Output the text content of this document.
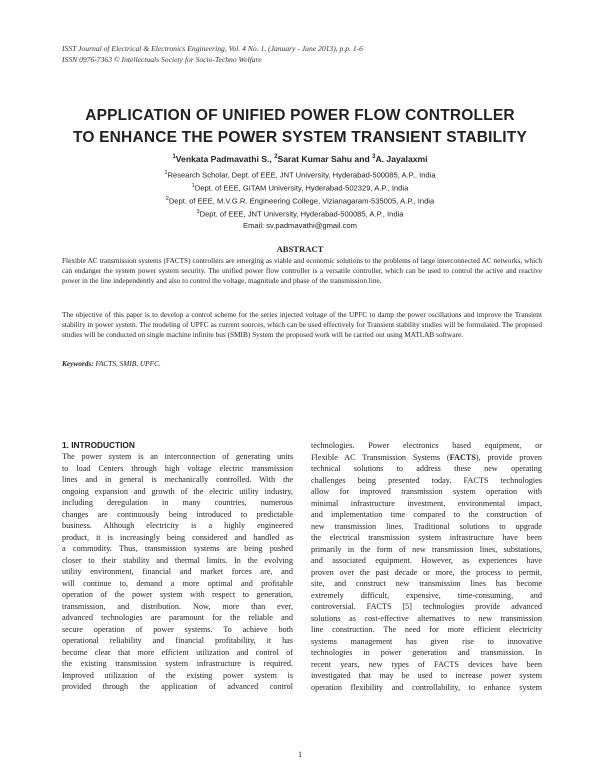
ISST Journal of Electrical & Electronics Engineering, Vol. 4 No. 1, (January - June 2013), p.p. 1-6
ISSN 0976-7363 © Intellectuals Society for Socio-Techno Welfare
APPLICATION OF UNIFIED POWER FLOW CONTROLLER
TO ENHANCE THE POWER SYSTEM TRANSIENT STABILITY
$^1$Venkata Padmavathi S., $^2$Sarat Kumar Sahu and $^3$A. Jayalaxmi
$^1$Research Scholar, Dept. of EEE, JNT University, Hyderabad-500085, A.P., India
$^1$Dept. of EEE, GITAM University, Hyderabad-502329, A.P., India
$^2$Dept. of EEE, M.V.G.R. Engineering College, Vizianagaram-535005, A.P., India
$^3$Dept. of EEE, JNT University, Hyderabad-500085, A.P., India
Email: sv.padmavathi@gmail.com
ABSTRACT
Flexible AC transmission systems (FACTS) controllers are emerging as viable and economic solutions to the problems of large interconnected AC networks, which can endanger the system power system security. The unified power flow controller is a versatile controller, which can be used to control the active and reactive power in the line independently and also to control the voltage, magnitude and phase of the transmission line.
The objective of this paper is to develop a control scheme for the series injected voltage of the UPFC to damp the power oscillations and improve the Transient stability in power system. The modeling of UPFC as current sources, which can be used effectively for Transient stability studies will be formulated. The proposed studies will be conducted on single machine infinite bus (SMIB) System the proposed work will be carried out using MATLAB software.
Keywords: FACTS, SMIB, UPFC.
1. INTRODUCTION
The power system is an interconnection of generating units
to load Centers through high voltage electric transmission
lines and in general is mechanically controlled. With the
ongoing expansion and growth of the electric utility industry,
including deregulation in many countries, numerous
changes are continuously being introduced to predictable
business. Although electricity is a highly engineered
product, it is increasingly being considered and handled as
a commodity. Thus, transmission systems are being pushed
closer to their stability and thermal limits. In the evolving
utility environment, financial and market forces are, and
will continue to, demand a more optimal and profitable
operation of the power system with respect to generation,
transmission, and distribution. Now, more than ever,
advanced technologies are paramount for the reliable and
secure operation of power systems. To achieve both
operational reliability and financial profitability, it has
become clear that more efficient utilization and control of
the existing transmission system infrastructure is required.
Improved utilization of the existing power system is
provided through the application of advanced control
technologies. Power electronics based equipment, or
Flexible AC Transmission Systems (FACTS), provide proven
technical solutions to address these new operating
challenges being presented today. FACTS technologies
allow for improved transmission system operation with
minimal infrastructure investment, environmental impact,
and implementation time compared to the construction of
new transmission lines. Traditional solutions to upgrade
the electrical transmission system infrastructure have been
primarily in the form of new transmission lines, substations,
and associated equipment. However, as experiences have
proven over the past decade or more, the process to permit,
site, and construct new transmission lines has become
extremely difficult, expensive, time-consuming, and
controversial. FACTS [5] technologies provide advanced
solutions as cost-effective alternatives to new transmission
line construction. The need for more efficient electricity
systems management has given rise to innovative
technologies in power generation and transmission. In
recent years, new types of FACTS devices have been
investigated that may be used to increase power system
operation flexibility and controllability, to enhance system
1
